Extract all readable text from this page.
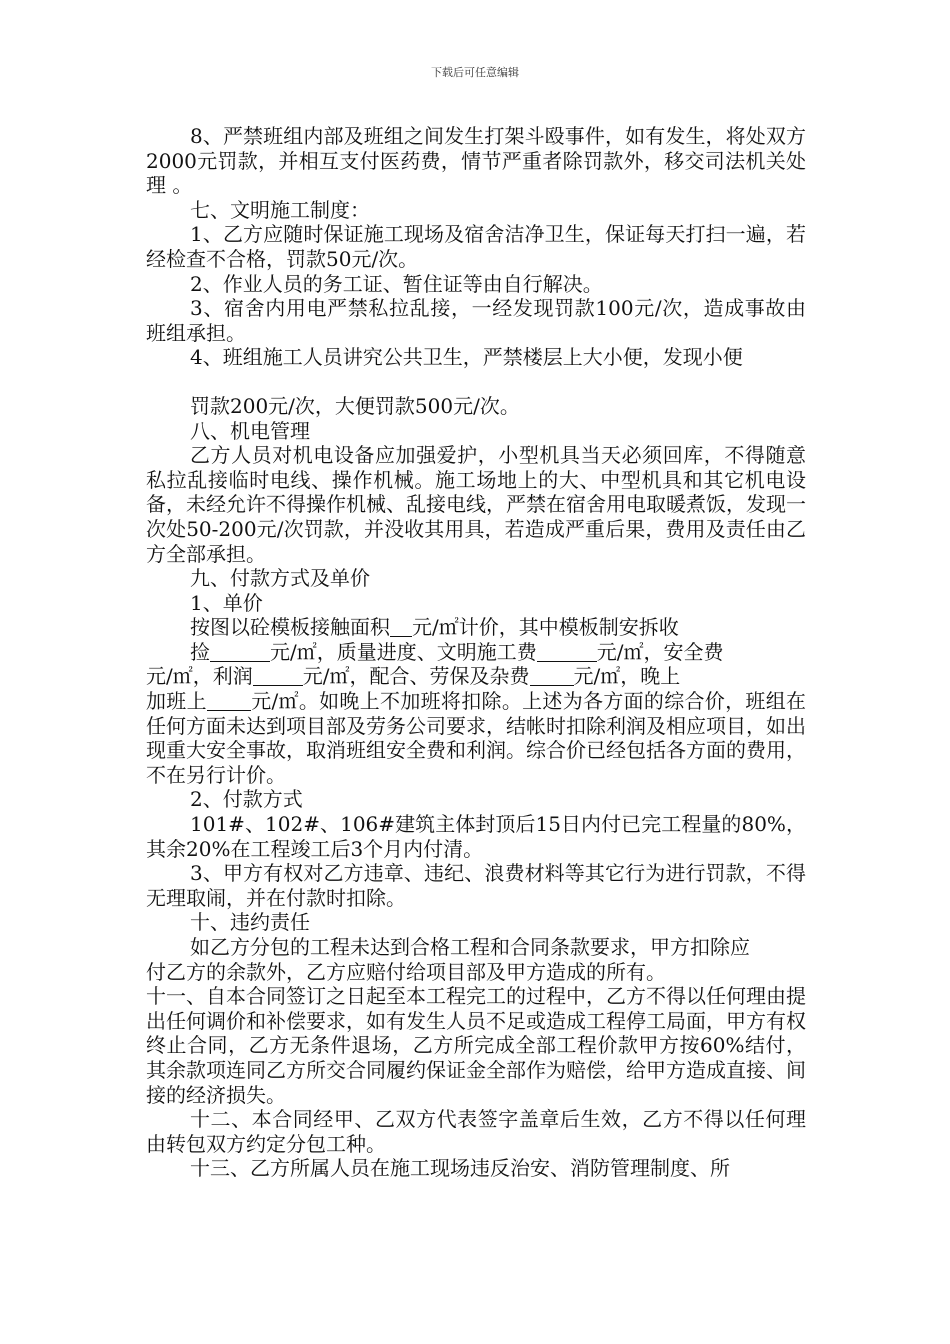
下载后可任意编辑

8、严禁班组内部及班组之间发生打架斗殴事件，如有发生，将处双方2000元罚款，并相互支付医药费，情节严重者除罚款外，移交司法机关处理 。

七、文明施工制度：

1、乙方应随时保证施工现场及宿舍洁净卫生，保证每天打扫一遍，若经检查不合格，罚款50元/次。

2、作业人员的务工证、暂住证等由自行解决。

3、宿舍内用电严禁私拉乱接，一经发现罚款100元/次，造成事故由班组承担。

4、班组施工人员讲究公共卫生，严禁楼层上大小便，发现小便

罚款200元/次，大便罚款500元/次。

八、机电管理

乙方人员对机电设备应加强爱护，小型机具当天必须回库，不得随意私拉乱接临时电线、操作机械。施工场地上的大、中型机具和其它机电设备，未经允许不得操作机械、乱接电线，严禁在宿舍用电取暖煮饭，发现一次处50-200元/次罚款，并没收其用具，若造成严重后果，费用及责任由乙方全部承担。

九、付款方式及单价

1、单价

按图以砼模板接触面积 元/㎡计价，其中模板制安拆收

捡	元/㎡，质量进度、文明施工费	元/㎡，安全费
元/㎡，利润	元/㎡，配合、劳保及杂费 元/㎡，晚上
加班上 元/㎡。如晚上不加班将扣除。上述为各方面的综合价，班组在任何方面未达到项目部及劳务公司要求，结帐时扣除利润及相应项目，如出现重大安全事故，取消班组安全费和利润。综合价已经包括各方面的费用，不在另行计价。

2、付款方式

101#、102#、106#建筑主体封顶后15日内付已完工程量的80%，其余20%在工程竣工后3个月内付清。

3、甲方有权对乙方违章、违纪、浪费材料等其它行为进行罚款，不得无理取闹，并在付款时扣除。

十、违约责任

如乙方分包的工程未达到合格工程和合同条款要求，甲方扣除应

付乙方的余款外，乙方应赔付给项目部及甲方造成的所有。

十一、自本合同签订之日起至本工程完工的过程中，乙方不得以任何理由提出任何调价和补偿要求，如有发生人员不足或造成工程停工局面，甲方有权终止合同，乙方无条件退场，乙方所完成全部工程价款甲方按60%结付，其余款项连同乙方所交合同履约保证金全部作为赔偿，给甲方造成直接、间接的经济损失。

十二、本合同经甲、乙双方代表签字盖章后生效，乙方不得以任何理由转包双方约定分包工种。

十三、乙方所属人员在施工现场违反治安、消防管理制度、所
